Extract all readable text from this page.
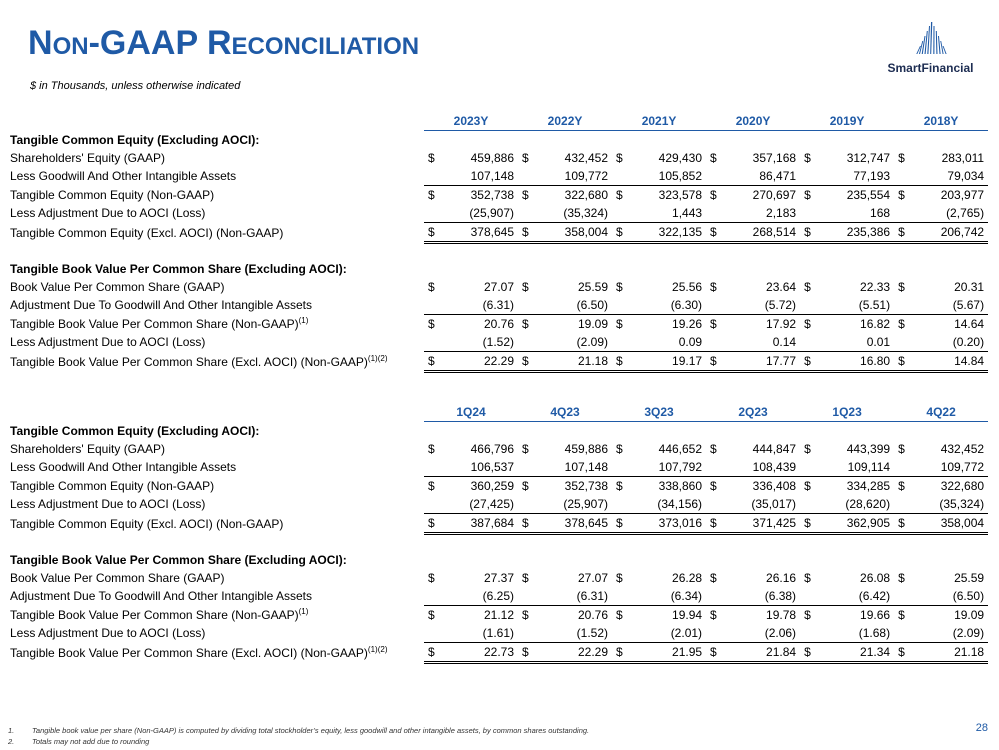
NON-GAAP RECONCILIATION
$ in Thousands, unless otherwise indicated
SmartFinancial
	2023Y		2022Y		2021Y		2020Y		2019Y		2018Y	
Tangible Common Equity (Excluding AOCI):												
Shareholders' Equity (GAAP)	$	459,886	$	432,452	$	429,430	$	357,168	$	312,747	$	283,011
Less Goodwill And Other Intangible Assets		107,148		109,772		105,852		86,471		77,193		79,034
Tangible Common Equity (Non-GAAP)	$	352,738	$	322,680	$	323,578	$	270,697	$	235,554	$	203,977
Less Adjustment Due to AOCI (Loss)		(25,907)		(35,324)		1,443		2,183		168		(2,765)
Tangible Common Equity (Excl. AOCI) (Non-GAAP)	$	378,645	$	358,004	$	322,135	$	268,514	$	235,386	$	206,742

Tangible Book Value Per Common Share (Excluding AOCI):												
Book Value Per Common Share (GAAP)	$	27.07	$	25.59	$	25.56	$	23.64	$	22.33	$	20.31
Adjustment Due To Goodwill And Other Intangible Assets		(6.31)		(6.50)		(6.30)		(5.72)		(5.51)		(5.67)
Tangible Book Value Per Common Share (Non-GAAP)$^{(1)}$	$	20.76	$	19.09	$	19.26	$	17.92	$	16.82	$	14.64
Less Adjustment Due to AOCI (Loss)		(1.52)		(2.09)		0.09		0.14		0.01		(0.20)
Tangible Book Value Per Common Share (Excl. AOCI) (Non-GAAP)$^{(1)(2)}$	$	22.29	$	21.18	$	19.17	$	17.77	$	16.80	$	14.84
	1Q24		4Q23		3Q23		2Q23		1Q23		4Q22	
Tangible Common Equity (Excluding AOCI):												
Shareholders' Equity (GAAP)	$	466,796	$	459,886	$	446,652	$	444,847	$	443,399	$	432,452
Less Goodwill And Other Intangible Assets		106,537		107,148		107,792		108,439		109,114		109,772
Tangible Common Equity (Non-GAAP)	$	360,259	$	352,738	$	338,860	$	336,408	$	334,285	$	322,680
Less Adjustment Due to AOCI (Loss)		(27,425)		(25,907)		(34,156)		(35,017)		(28,620)		(35,324)
Tangible Common Equity (Excl. AOCI) (Non-GAAP)	$	387,684	$	378,645	$	373,016	$	371,425	$	362,905	$	358,004

Tangible Book Value Per Common Share (Excluding AOCI):												
Book Value Per Common Share (GAAP)	$	27.37	$	27.07	$	26.28	$	26.16	$	26.08	$	25.59
Adjustment Due To Goodwill And Other Intangible Assets		(6.25)		(6.31)		(6.34)		(6.38)		(6.42)		(6.50)
Tangible Book Value Per Common Share (Non-GAAP)$^{(1)}$	$	21.12	$	20.76	$	19.94	$	19.78	$	19.66	$	19.09
Less Adjustment Due to AOCI (Loss)		(1.61)		(1.52)		(2.01)		(2.06)		(1.68)		(2.09)
Tangible Book Value Per Common Share (Excl. AOCI) (Non-GAAP)$^{(1)(2)}$	$	22.73	$	22.29	$	21.95	$	21.84	$	21.34	$	21.18
1. Tangible book value per share (Non-GAAP) is computed by dividing total stockholder’s equity, less goodwill and other intangible assets, by common shares outstanding.
2. Totals may not add due to rounding
28
